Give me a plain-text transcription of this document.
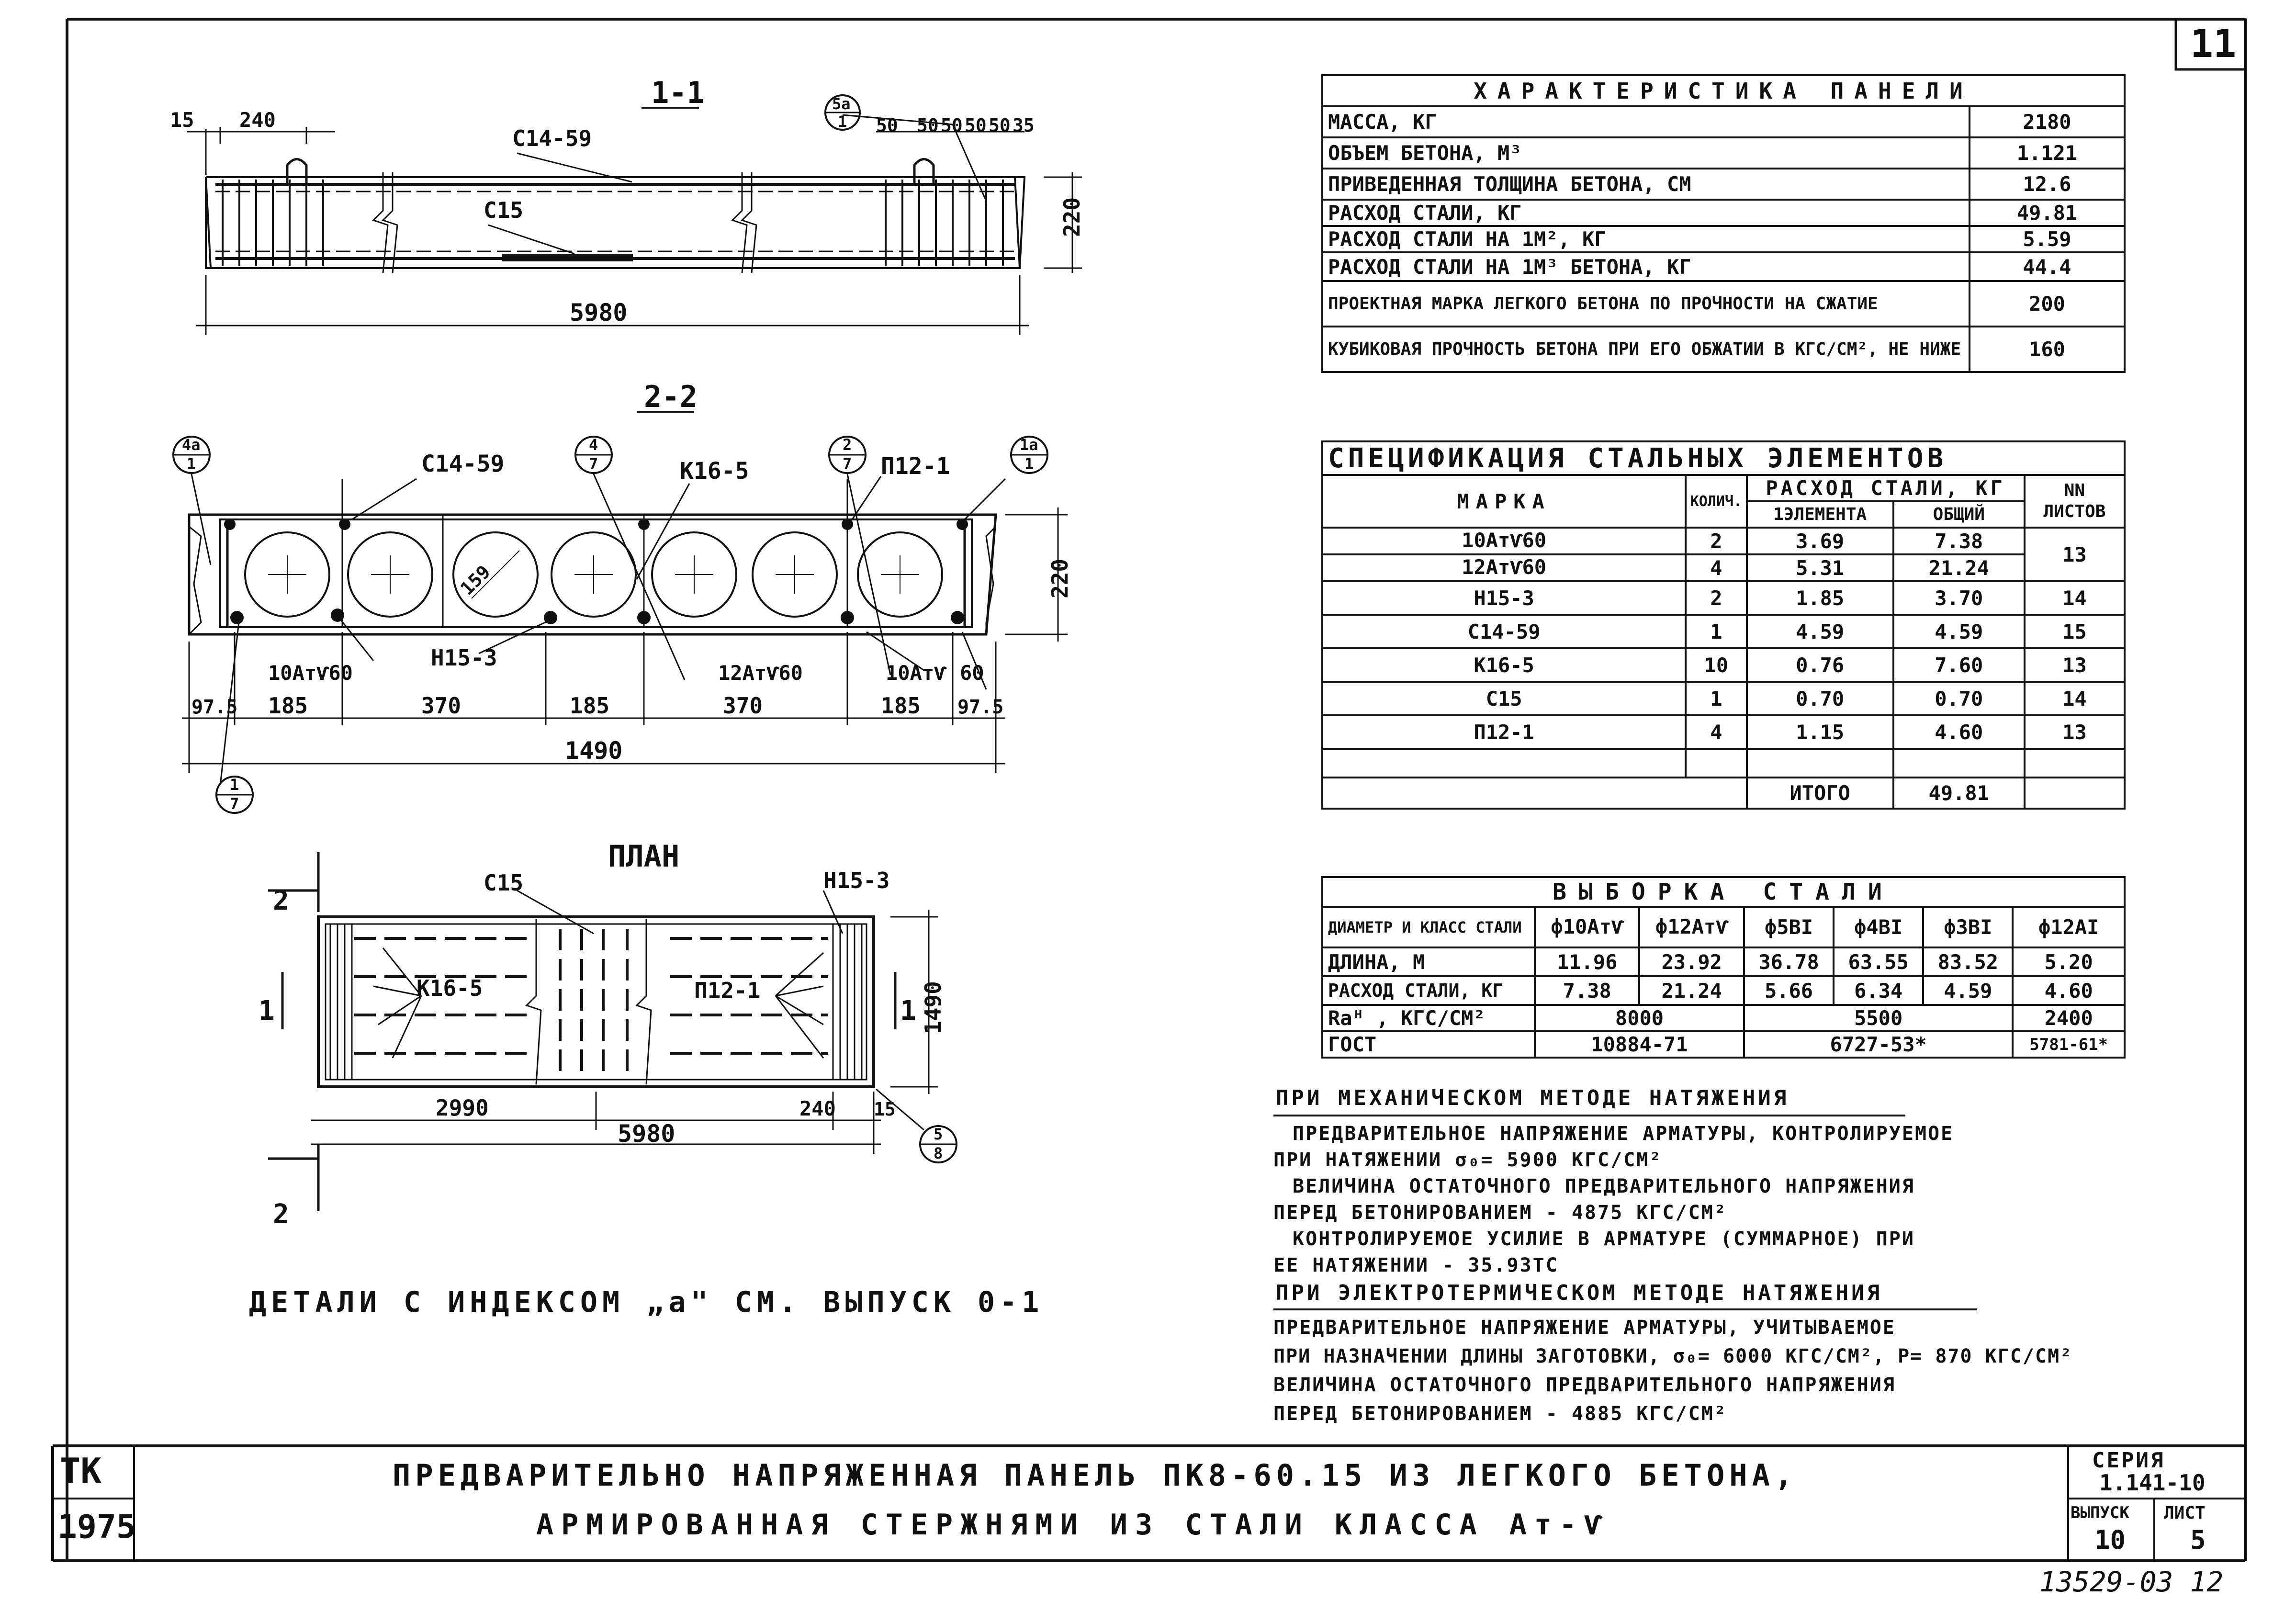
1-1
15 240	50 50 50 50 50 35
220
5980
С14-59
С15
5а
1
2-2
С14-59	К16-5	П12-1
Н15-3
10АтѴ60	12АтѴ60	10АтѴ 60
159
97.5 185	370	185	370	185 97.5
1490
220
4а
1
4
7
2
7
1а
1
1
7
ПЛАН
С15	Н15-3
К16-5	П12-1
2
1	1
2
2990
5980
240 15
1490
5
8
11
ДЕТАЛИ С ИНДЕКСОМ „а" СМ. ВЫПУСК 0-1
ХАРАКТЕРИСТИКА ПАНЕЛИ	
МАССА, КГ	2180
ОБЪЕМ БЕТОНА, М³	1.121
ПРИВЕДЕННАЯ ТОЛЩИНА БЕТОНА, СМ	12.6
РАСХОД СТАЛИ, КГ	49.81
РАСХОД СТАЛИ НА 1М², КГ	5.59
РАСХОД СТАЛИ НА 1М³ БЕТОНА, КГ	44.4
ПРОЕКТНАЯ МАРКА ЛЕГКОГО БЕТОНА ПО ПРОЧНОСТИ НА СЖАТИЕ	200
КУБИКОВАЯ ПРОЧНОСТЬ БЕТОНА ПРИ ЕГО ОБЖАТИИ В КГС/СМ², НЕ НИЖЕ	160
СПЕЦИФИКАЦИЯ СТАЛЬНЫХ ЭЛЕМЕНТОВ				
МАРКА	КОЛИЧ.	РАСХОД СТАЛИ, КГ		NN ЛИСТОВ
		1ЭЛЕМЕНТА	ОБЩИЙ	
10АтѴ60	2	3.69	7.38	13
12АтѴ60	4	5.31	21.24	
Н15-3	2	1.85	3.70	14
С14-59	1	4.59	4.59	15
К16-5	10	0.76	7.60	13
С15	1	0.70	0.70	14
П12-1	4	1.15	4.60	13

		ИТОГО	49.81	
ВЫБОРКА СТАЛИ						
ДИАМЕТР И КЛАСС СТАЛИ	ф10АтѴ	ф12АтѴ	ф5ВI	ф4ВI	ф3ВI	ф12АI
ДЛИНА, М	11.96	23.92	36.78	63.55	83.52	5.20
РАСХОД СТАЛИ, КГ	7.38	21.24	5.66	6.34	4.59	4.60
Raᴴ , КГС/СМ²	8000		5500			2400
ГОСТ	10884-71		6727-53*			5781-61*
ПРИ МЕХАНИЧЕСКОМ МЕТОДЕ НАТЯЖЕНИЯ
ПРЕДВАРИТЕЛЬНОЕ НАПРЯЖЕНИЕ АРМАТУРЫ, КОНТРОЛИРУЕМОЕ
ПРИ НАТЯЖЕНИИ σ₀= 5900 КГС/СМ²
ВЕЛИЧИНА ОСТАТОЧНОГО ПРЕДВАРИТЕЛЬНОГО НАПРЯЖЕНИЯ
ПЕРЕД БЕТОНИРОВАНИЕМ - 4875 КГС/СМ²
КОНТРОЛИРУЕМОЕ УСИЛИЕ В АРМАТУРЕ (СУММАРНОЕ) ПРИ
ЕЕ НАТЯЖЕНИИ - 35.93ТС
ПРИ ЭЛЕКТРОТЕРМИЧЕСКОМ МЕТОДЕ НАТЯЖЕНИЯ
ПРЕДВАРИТЕЛЬНОЕ НАПРЯЖЕНИЕ АРМАТУРЫ, УЧИТЫВАЕМОЕ
ПРИ НАЗНАЧЕНИИ ДЛИНЫ ЗАГОТОВКИ, σ₀= 6000 КГС/СМ², Р= 870 КГС/СМ²
ВЕЛИЧИНА ОСТАТОЧНОГО ПРЕДВАРИТЕЛЬНОГО НАПРЯЖЕНИЯ
ПЕРЕД БЕТОНИРОВАНИЕМ - 4885 КГС/СМ²
ТК
1975
ПРЕДВАРИТЕЛЬНО НАПРЯЖЕННАЯ ПАНЕЛЬ ПК8-60.15 ИЗ ЛЕГКОГО БЕТОНА,
АРМИРОВАННАЯ СТЕРЖНЯМИ ИЗ СТАЛИ КЛАССА Ат-Ѵ
СЕРИЯ
1.141-10
ВЫПУСК
10
ЛИСТ
5
13529-03 12
